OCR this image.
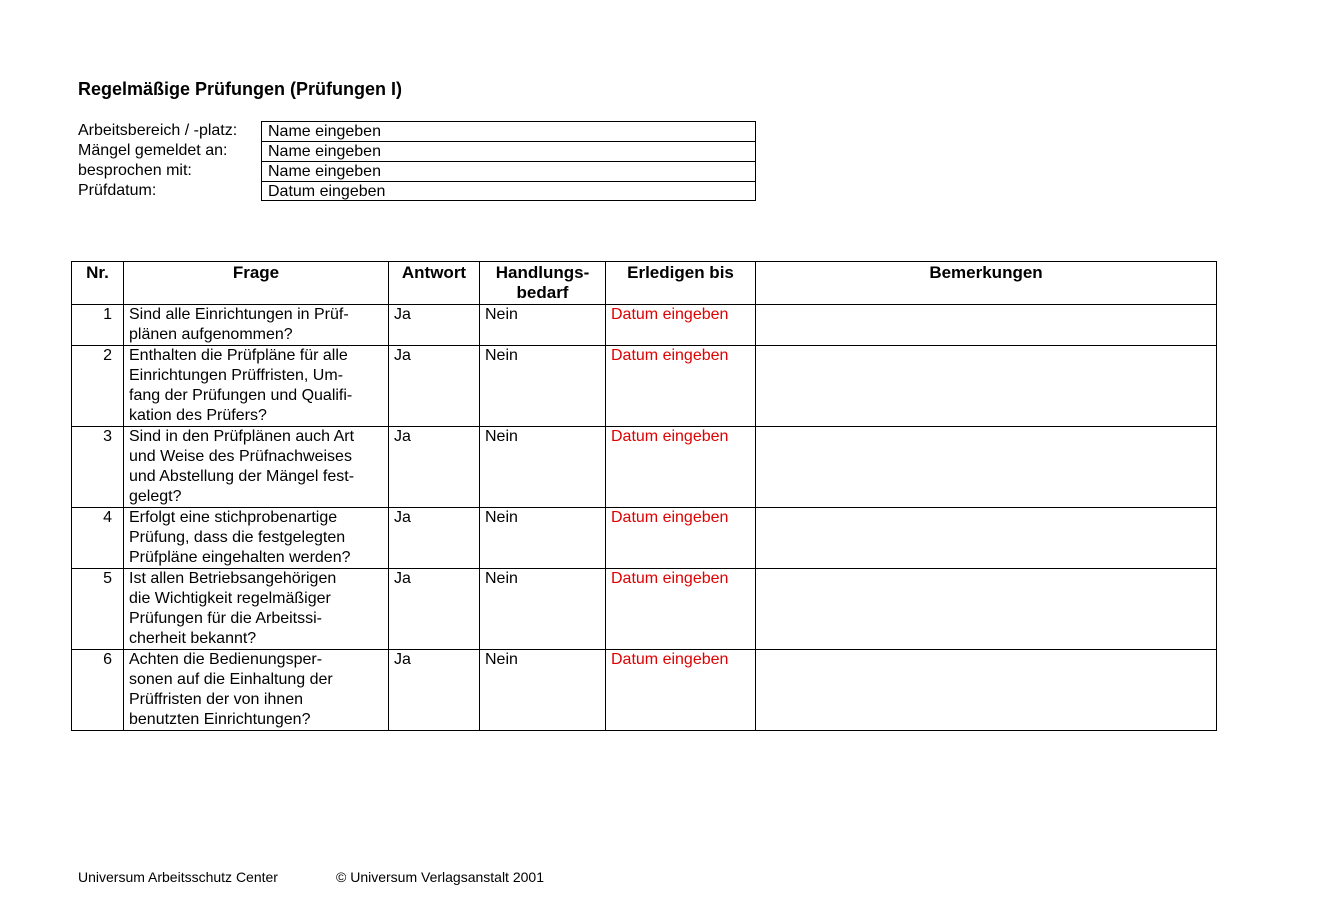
Regelmäßige Prüfungen (Prüfungen I)
Arbeitsbereich / -platz:	Name eingeben
Mängel gemeldet an:	Name eingeben
besprochen mit:	Name eingeben
Prüfdatum:	Datum eingeben
Nr.	Frage	Antwort	Handlungs-
bedarf	Erledigen bis	Bemerkungen
1	Sind alle Einrichtungen in Prüf-
plänen aufgenommen?	Ja	Nein	Datum eingeben	
2	Enthalten die Prüfpläne für alle
Einrichtungen Prüffristen, Um-
fang der Prüfungen und Qualifi-
kation des Prüfers?	Ja	Nein	Datum eingeben	
3	Sind in den Prüfplänen auch Art
und Weise des Prüfnachweises
und Abstellung der Mängel fest-
gelegt?	Ja	Nein	Datum eingeben	
4	Erfolgt eine stichprobenartige
Prüfung, dass die festgelegten
Prüfpläne eingehalten werden?	Ja	Nein	Datum eingeben	
5	Ist allen Betriebsangehörigen
die Wichtigkeit regelmäßiger
Prüfungen für die Arbeitssi-
cherheit bekannt?	Ja	Nein	Datum eingeben	
6	Achten die Bedienungsper-
sonen auf die Einhaltung der
Prüffristen der von ihnen
benutzten Einrichtungen?	Ja	Nein	Datum eingeben	
Universum Arbeitsschutz Center	© Universum Verlagsanstalt 2001
